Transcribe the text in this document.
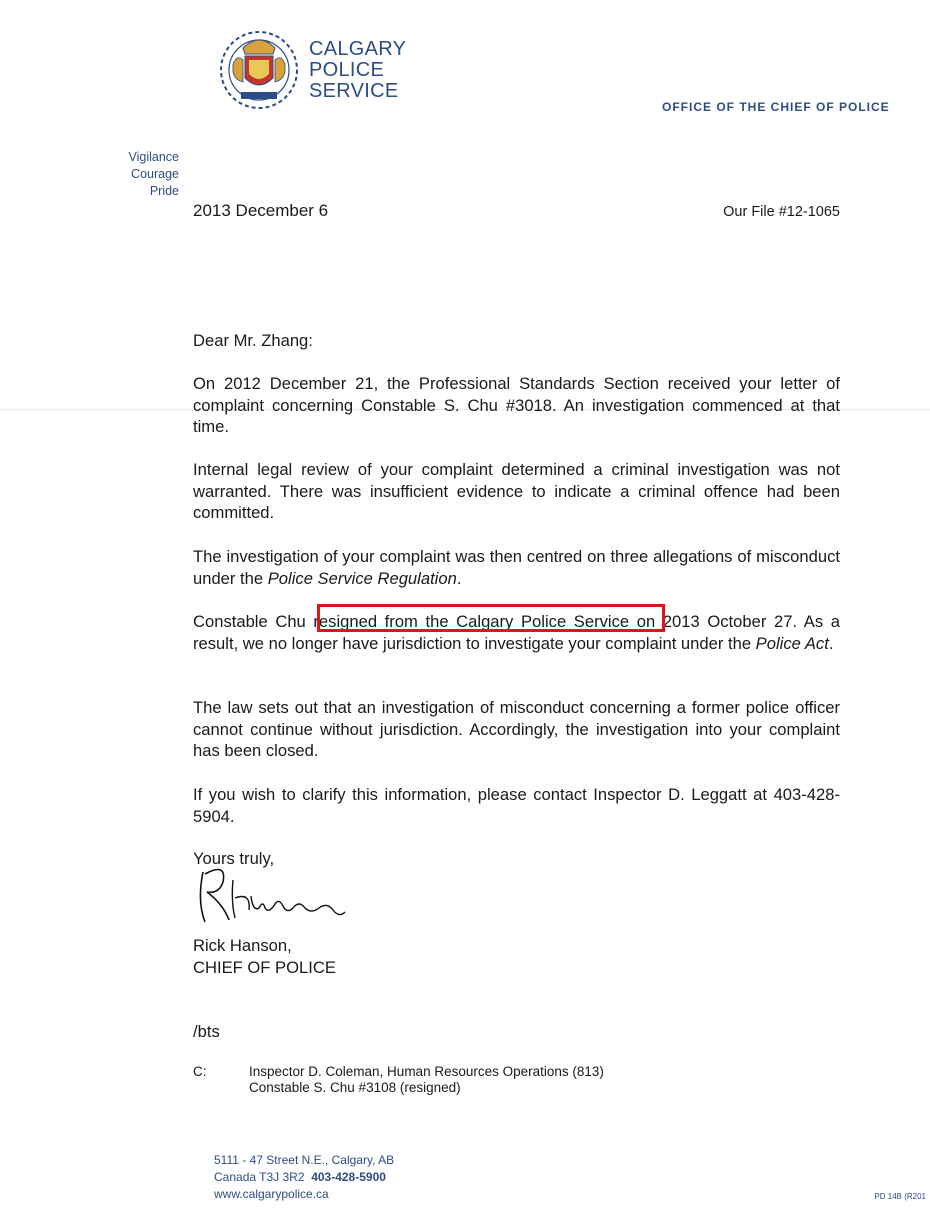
CALGARY
POLICE
SERVICE
OFFICE OF THE CHIEF OF POLICE
Vigilance
Courage
Pride
2013 December 6	Our File #12-1065
Dear Mr. Zhang:
On 2012 December 21, the Professional Standards Section received your letter of complaint concerning Constable S. Chu #3018. An investigation commenced at that time.
Internal legal review of your complaint determined a criminal investigation was not warranted. There was insufficient evidence to indicate a criminal offence had been committed.
The investigation of your complaint was then centred on three allegations of misconduct under the Police Service Regulation.
Constable Chu resigned from the Calgary Police Service on 2013 October 27. As a result, we no longer have jurisdiction to investigate your complaint under the Police Act.
The law sets out that an investigation of misconduct concerning a former police officer cannot continue without jurisdiction. Accordingly, the investigation into your complaint has been closed.
If you wish to clarify this information, please contact Inspector D. Leggatt at 403-428-5904.
Yours truly,
Rick Hanson,
CHIEF OF POLICE
/bts
C:	Inspector D. Coleman, Human Resources Operations (813)
Constable S. Chu #3108 (resigned)
5111 - 47 Street N.E., Calgary, AB
Canada T3J 3R2 403-428-5900
www.calgarypolice.ca	PD 14B (R201
